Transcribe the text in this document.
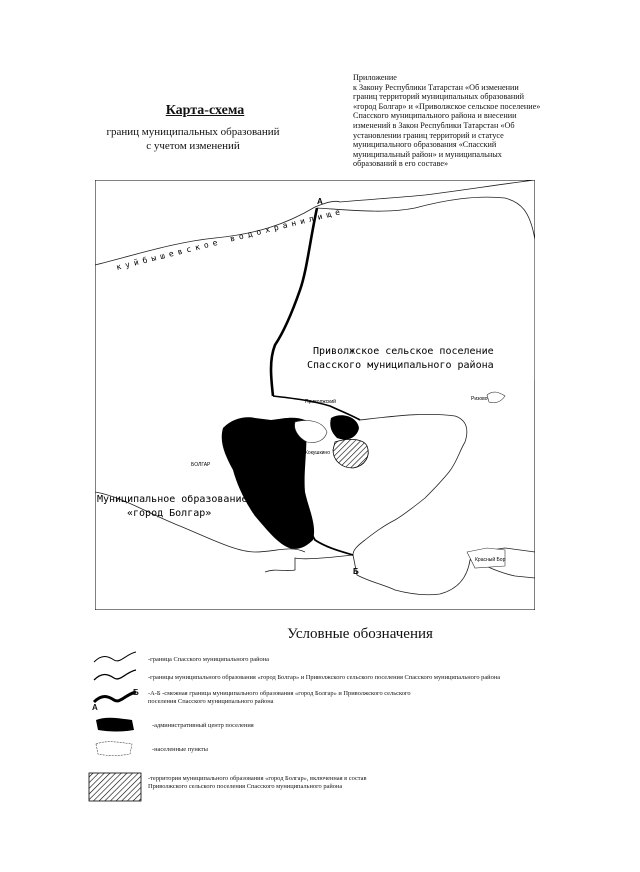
Приложение
к Закону Республики Татарстан «Об изменении
границ территорий муниципальных образований
«город Болгар» и «Приволжское сельское поселение»
Спасского муниципального района и внесении
изменений в Закон Республики Татарстан «Об
установлении границ территорий и статусе
муниципального образования «Спасский
муниципальный район» и муниципальных
образований в его составе»
Карта-схема
границ муниципальных образований
с учетом изменений
А
Б
куйбышевское водохранилище
Приволжское сельское поселение
Спасского муниципального района
Муниципальное образование
«город Болгар»
БОЛГАР
Приволжский	Ризово
Кокушкино
Красный Бор
Условные обозначения
-граница Спасского муниципального района
-границы муниципального образования «город Болгар» и Приволжского сельского поселения Спасского муниципального района
А
Б -А-Б -смежная граница муниципального образования «город Болгар» и Приволжского сельского
поселения Спасского муниципального района
-административный центр поселения
-населенные пункты
-территория муниципального образования «город Болгар», включенная в состав
Приволжского сельского поселения Спасского муниципального района
